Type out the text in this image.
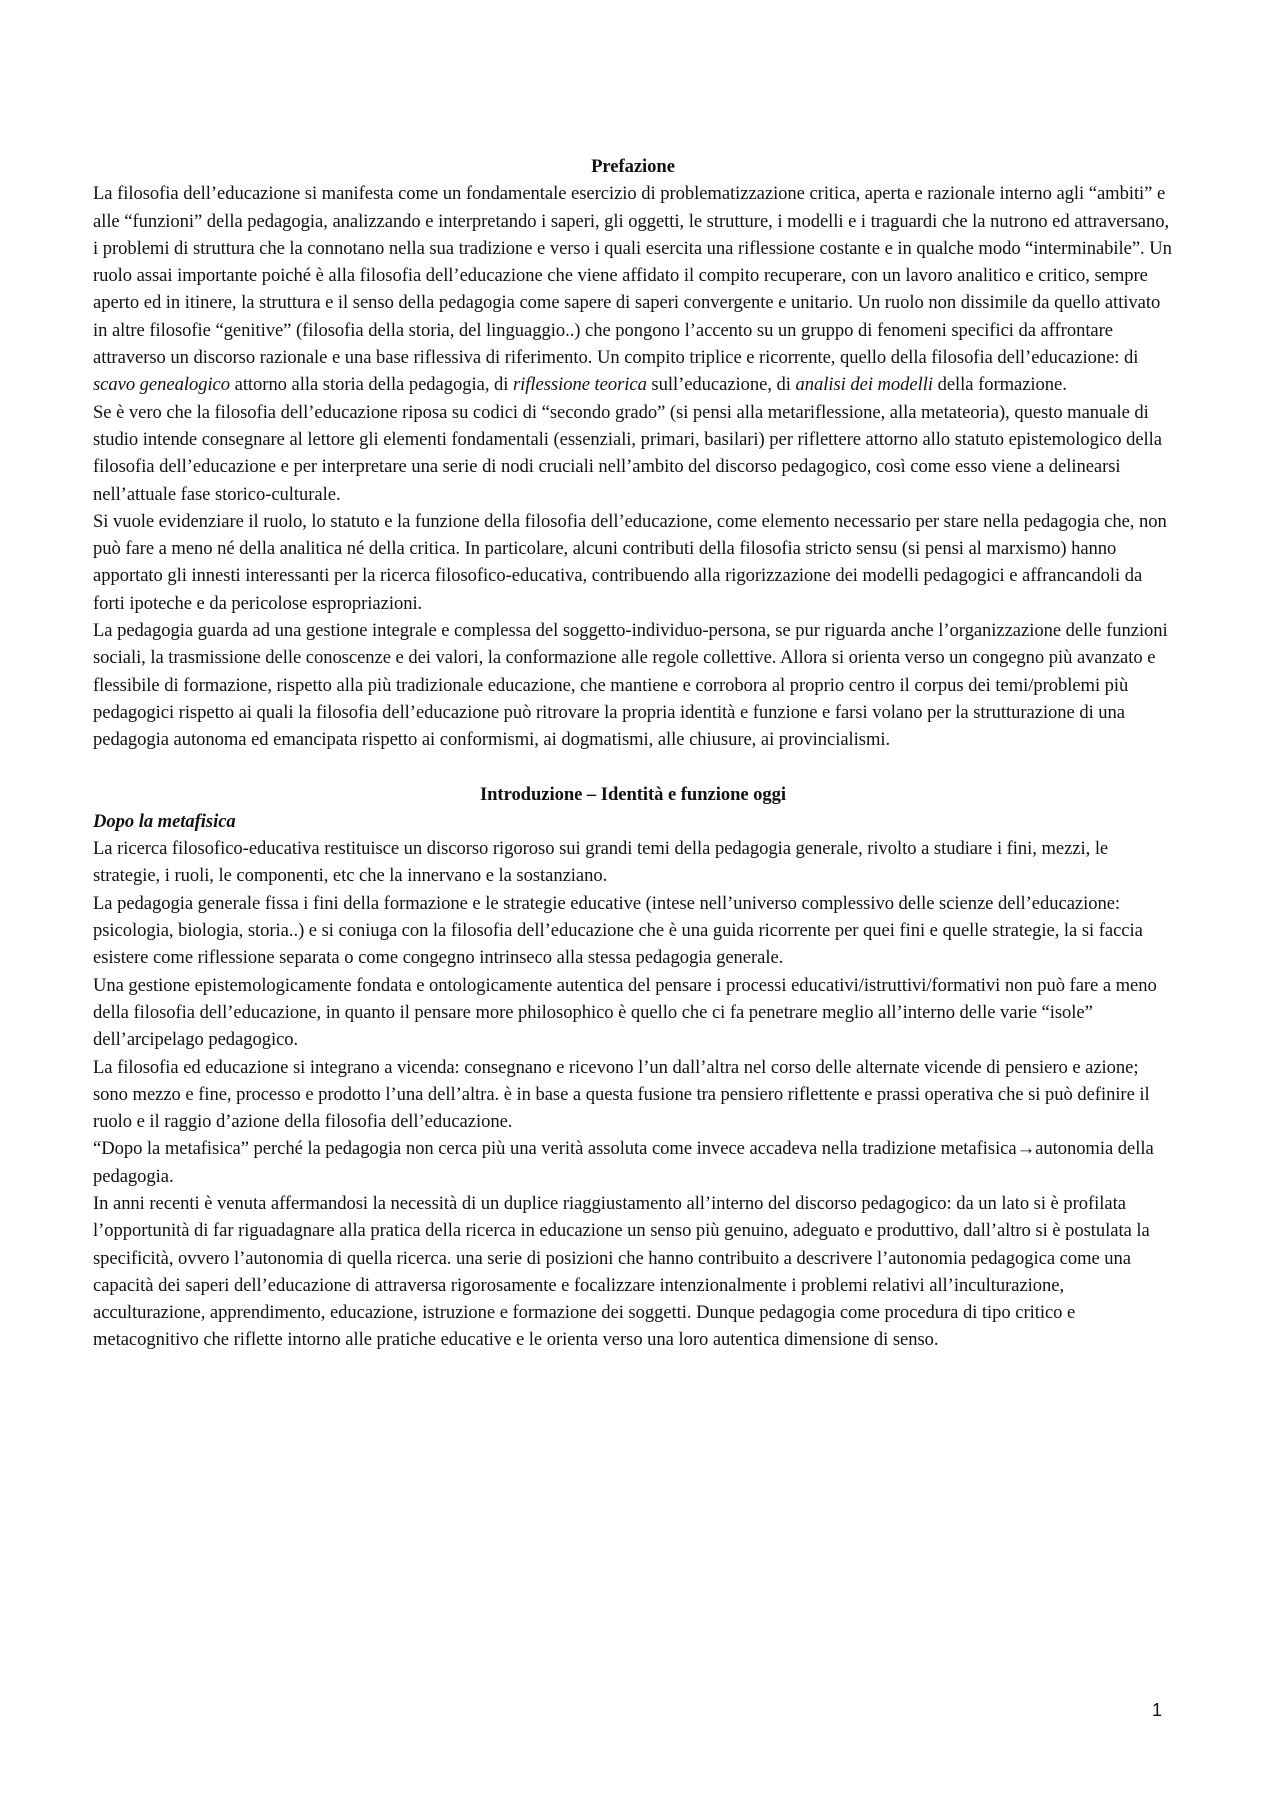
Prefazione

La filosofia dell’educazione si manifesta come un fondamentale esercizio di problematizzazione critica, aperta e razionale interno agli “ambiti” e alle “funzioni” della pedagogia, analizzando e interpretando i saperi, gli oggetti, le strutture, i modelli e i traguardi che la nutrono ed attraversano, i problemi di struttura che la connotano nella sua tradizione e verso i quali esercita una riflessione costante e in qualche modo “interminabile”. Un ruolo assai importante poiché è alla filosofia dell’educazione che viene affidato il compito recuperare, con un lavoro analitico e critico, sempre aperto ed in itinere, la struttura e il senso della pedagogia come sapere di saperi convergente e unitario. Un ruolo non dissimile da quello attivato in altre filosofie “genitive” (filosofia della storia, del linguaggio..) che pongono l’accento su un gruppo di fenomeni specifici da affrontare attraverso un discorso razionale e una base riflessiva di riferimento. Un compito triplice e ricorrente, quello della filosofia dell’educazione: di scavo genealogico attorno alla storia della pedagogia, di riflessione teorica sull’educazione, di analisi dei modelli della formazione.

Se è vero che la filosofia dell’educazione riposa su codici di “secondo grado” (si pensi alla metariflessione, alla metateoria), questo manuale di studio intende consegnare al lettore gli elementi fondamentali (essenziali, primari, basilari) per riflettere attorno allo statuto epistemologico della filosofia dell’educazione e per interpretare una serie di nodi cruciali nell’ambito del discorso pedagogico, così come esso viene a delinearsi nell’attuale fase storico-culturale.

Si vuole evidenziare il ruolo, lo statuto e la funzione della filosofia dell’educazione, come elemento necessario per stare nella pedagogia che, non può fare a meno né della analitica né della critica. In particolare, alcuni contributi della filosofia stricto sensu (si pensi al marxismo) hanno apportato gli innesti interessanti per la ricerca filosofico-educativa, contribuendo alla rigorizzazione dei modelli pedagogici e affrancandoli da forti ipoteche e da pericolose espropriazioni.

La pedagogia guarda ad una gestione integrale e complessa del soggetto-individuo-persona, se pur riguarda anche l’organizzazione delle funzioni sociali, la trasmissione delle conoscenze e dei valori, la conformazione alle regole collettive. Allora si orienta verso un congegno più avanzato e flessibile di formazione, rispetto alla più tradizionale educazione, che mantiene e corrobora al proprio centro il corpus dei temi/problemi più pedagogici rispetto ai quali la filosofia dell’educazione può ritrovare la propria identità e funzione e farsi volano per la strutturazione di una pedagogia autonoma ed emancipata rispetto ai conformismi, ai dogmatismi, alle chiusure, ai provincialismi.

Introduzione – Identità e funzione oggi
Dopo la metafisica

La ricerca filosofico-educativa restituisce un discorso rigoroso sui grandi temi della pedagogia generale, rivolto a studiare i fini, mezzi, le strategie, i ruoli, le componenti, etc che la innervano e la sostanziano.

La pedagogia generale fissa i fini della formazione e le strategie educative (intese nell’universo complessivo delle scienze dell’educazione: psicologia, biologia, storia..) e si coniuga con la filosofia dell’educazione che è una guida ricorrente per quei fini e quelle strategie, la si faccia esistere come riflessione separata o come congegno intrinseco alla stessa pedagogia generale.

Una gestione epistemologicamente fondata e ontologicamente autentica del pensare i processi educativi/istruttivi/formativi non può fare a meno della filosofia dell’educazione, in quanto il pensare more philosophico è quello che ci fa penetrare meglio all’interno delle varie “isole” dell’arcipelago pedagogico.

La filosofia ed educazione si integrano a vicenda: consegnano e ricevono l’un dall’altra nel corso delle alternate vicende di pensiero e azione; sono mezzo e fine, processo e prodotto l’una dell’altra. è in base a questa fusione tra pensiero riflettente e prassi operativa che si può definire il ruolo e il raggio d’azione della filosofia dell’educazione.

“Dopo la metafisica” perché la pedagogia non cerca più una verità assoluta come invece accadeva nella tradizione metafisica→autonomia della pedagogia.

In anni recenti è venuta affermandosi la necessità di un duplice riaggiustamento all’interno del discorso pedagogico: da un lato si è profilata l’opportunità di far riguadagnare alla pratica della ricerca in educazione un senso più genuino, adeguato e produttivo, dall’altro si è postulata la specificità, ovvero l’autonomia di quella ricerca. una serie di posizioni che hanno contribuito a descrivere l’autonomia pedagogica come una capacità dei saperi dell’educazione di attraversa rigorosamente e focalizzare intenzionalmente i problemi relativi all’inculturazione, acculturazione, apprendimento, educazione, istruzione e formazione dei soggetti. Dunque pedagogia come procedura di tipo critico e metacognitivo che riflette intorno alle pratiche educative e le orienta verso una loro autentica dimensione di senso.

1
